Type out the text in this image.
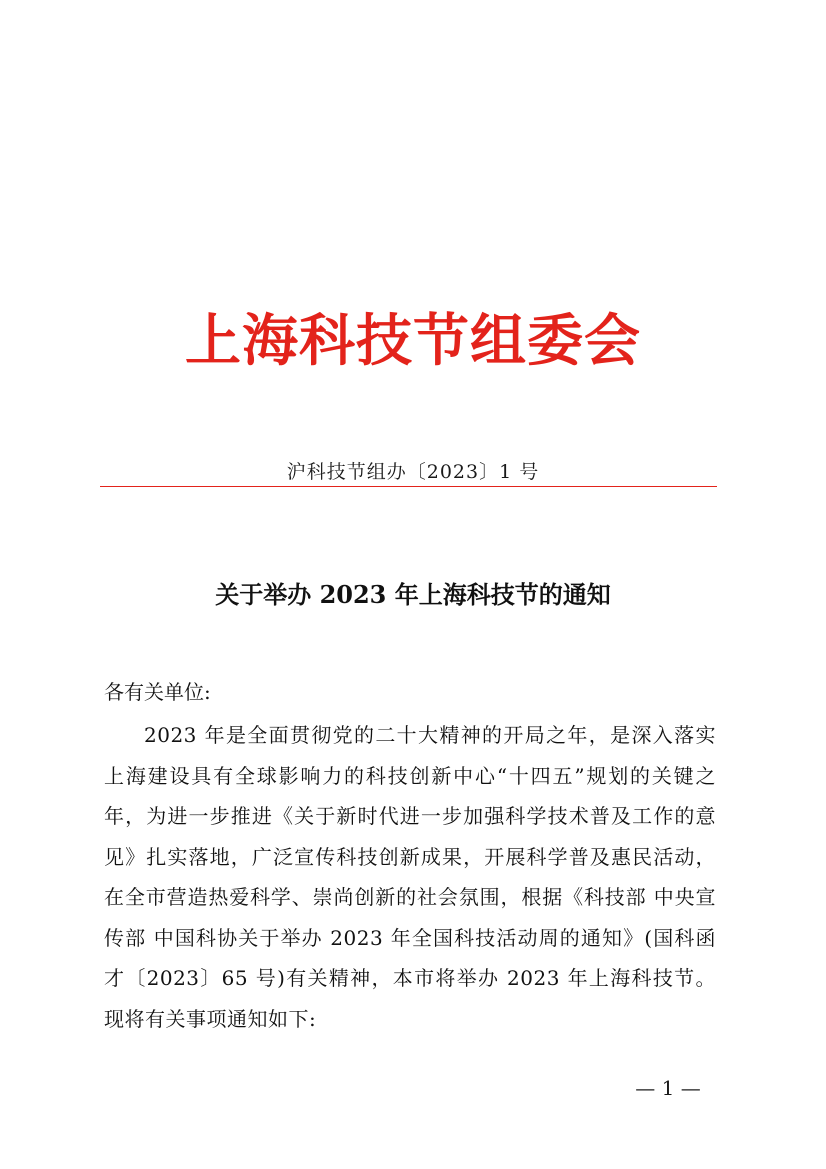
上海科技节组委会
沪科技节组办〔2023〕1 号
关于举办 2023 年上海科技节的通知

各有关单位:

2023 年是全面贯彻党的二十大精神的开局之年，是深入落实上海建设具有全球影响力的科技创新中心“十四五”规划的关键之年，为进一步推进《关于新时代进一步加强科学技术普及工作的意见》扎实落地，广泛宣传科技创新成果，开展科学普及惠民活动，在全市营造热爱科学、崇尚创新的社会氛围，根据《科技部 中央宣传部 中国科协关于举办 2023 年全国科技活动周的通知》(国科函才〔2023〕65 号)有关精神，本市将举办 2023 年上海科技节。现将有关事项通知如下:

— 1 —
